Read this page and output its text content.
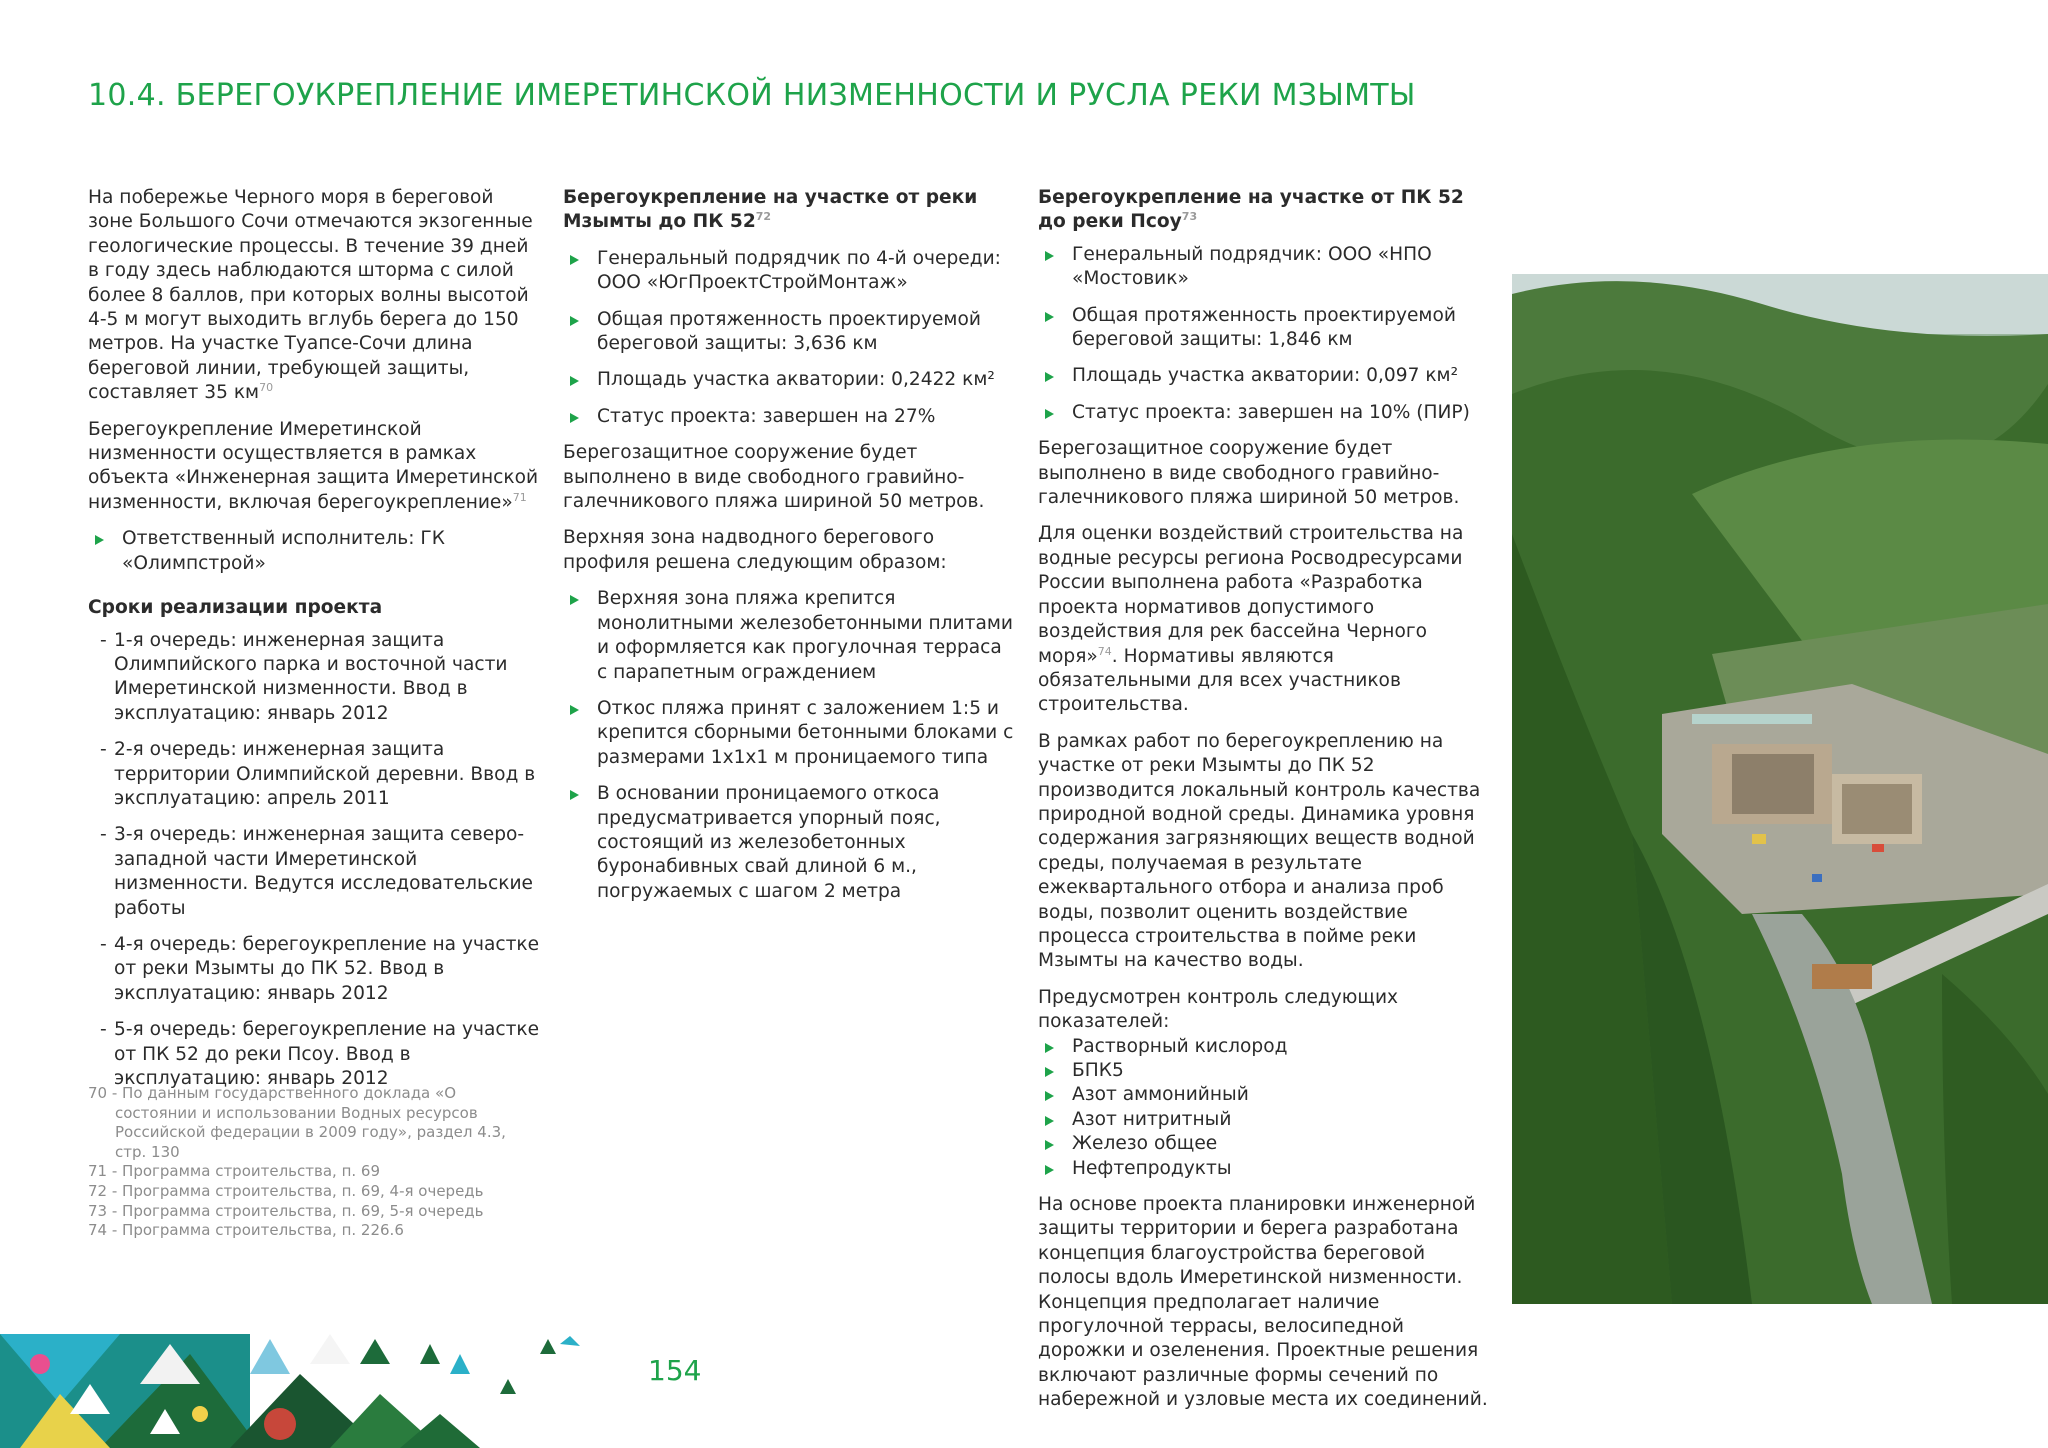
10.4. БЕРЕГОУКРЕПЛЕНИЕ ИМЕРЕТИНСКОЙ НИЗМЕННОСТИ И РУСЛА РЕКИ МЗЫМТЫ

На побережье Черного моря в береговой зоне Большого Сочи отмечаются экзогенные геологические процессы. В течение 39 дней в году здесь наблюдаются шторма с силой более 8 баллов, при которых волны высотой 4-5 м могут выходить вглубь берега до 150 метров. На участке Туапсе-Сочи длина береговой линии, требующей защиты, составляет 35 $км^{70}$

Берегоукрепление Имеретинской низменности осуществляется в рамках объекта «Инженерная защита Имеретинской низменности, включая берегоукрепление»$^{71}$

Ответственный исполнитель: ГК «Олимпстрой»
Сроки реализации проекта
- 1-я очередь: инженерная защита Олимпийского парка и восточной части Имеретинской низменности. Ввод в эксплуатацию: январь 2012
- 2-я очередь: инженерная защита территории Олимпийской деревни. Ввод в эксплуатацию: апрель 2011
- 3-я очередь: инженерная защита северо-западной части Имеретинской низменности. Ведутся исследовательские работы
- 4-я очередь: берегоукрепление на участке от реки Мзымты до ПК 52. Ввод в эксплуатацию: январь 2012
- 5-я очередь: берегоукрепление на участке от ПК 52 до реки Псоу. Ввод в эксплуатацию: январь 2012
70 - По данным государственного доклада «О состоянии и использовании Водных ресурсов Российской федерации в 2009 году», раздел 4.3, стр. 130
71 - Программа строительства, п. 69
72 - Программа строительства, п. 69, 4-я очередь
73 - Программа строительства, п. 69, 5-я очередь
74 - Программа строительства, п. 226.6
Берегоукрепление на участке от реки Мзымты до ПК $52^{72}$
Генеральный подрядчик по 4-й очереди: ООО «ЮгПроектСтройМонтаж»
Общая протяженность проектируемой береговой защиты: 3,636 км
Площадь участка акватории: 0,2422 км²
Статус проекта: завершен на 27%

Берегозащитное сооружение будет выполнено в виде свободного гравийно-галечникового пляжа шириной 50 метров.

Верхняя зона надводного берегового профиля решена следующим образом:

Верхняя зона пляжа крепится монолитными железобетонными плитами и оформляется как прогулочная терраса с парапетным ограждением
Откос пляжа принят с заложением 1:5 и крепится сборными бетонными блоками с размерами 1х1х1 м проницаемого типа
В основании проницаемого откоса предусматривается упорный пояс, состоящий из железобетонных буронабивных свай длиной 6 м., погружаемых с шагом 2 метра
Берегоукрепление на участке от ПК 52 до реки Псоу$^{73}$
Генеральный подрядчик: ООО «НПО «Мостовик»
Общая протяженность проектируемой береговой защиты: 1,846 км
Площадь участка акватории: 0,097 км²
Статус проекта: завершен на 10% (ПИР)

Берегозащитное сооружение будет выполнено в виде свободного гравийно-галечникового пляжа шириной 50 метров.

Для оценки воздействий строительства на водные ресурсы региона Росводресурсами России выполнена работа «Разработка проекта нормативов допустимого воздействия для рек бассейна Черного моря»$^{74}$. Нормативы являются обязательными для всех участников строительства.

В рамках работ по берегоукреплению на участке от реки Мзымты до ПК 52 производится локальный контроль качества природной водной среды. Динамика уровня содержания загрязняющих веществ водной среды, получаемая в результате ежеквартального отбора и анализа проб воды, позволит оценить воздействие процесса строительства в пойме реки Мзымты на качество воды.

Предусмотрен контроль следующих показателей:

Растворный кислород
БПК5
Азот аммонийный
Азот нитритный
Железо общее
Нефтепродукты

На основе проекта планировки инженерной защиты территории и берега разработана концепция благоустройства береговой полосы вдоль Имеретинской низменности. Концепция предполагает наличие прогулочной террасы, велосипедной дорожки и озеленения. Проектные решения включают различные формы сечений по набережной и узловые места их соединений.

154
